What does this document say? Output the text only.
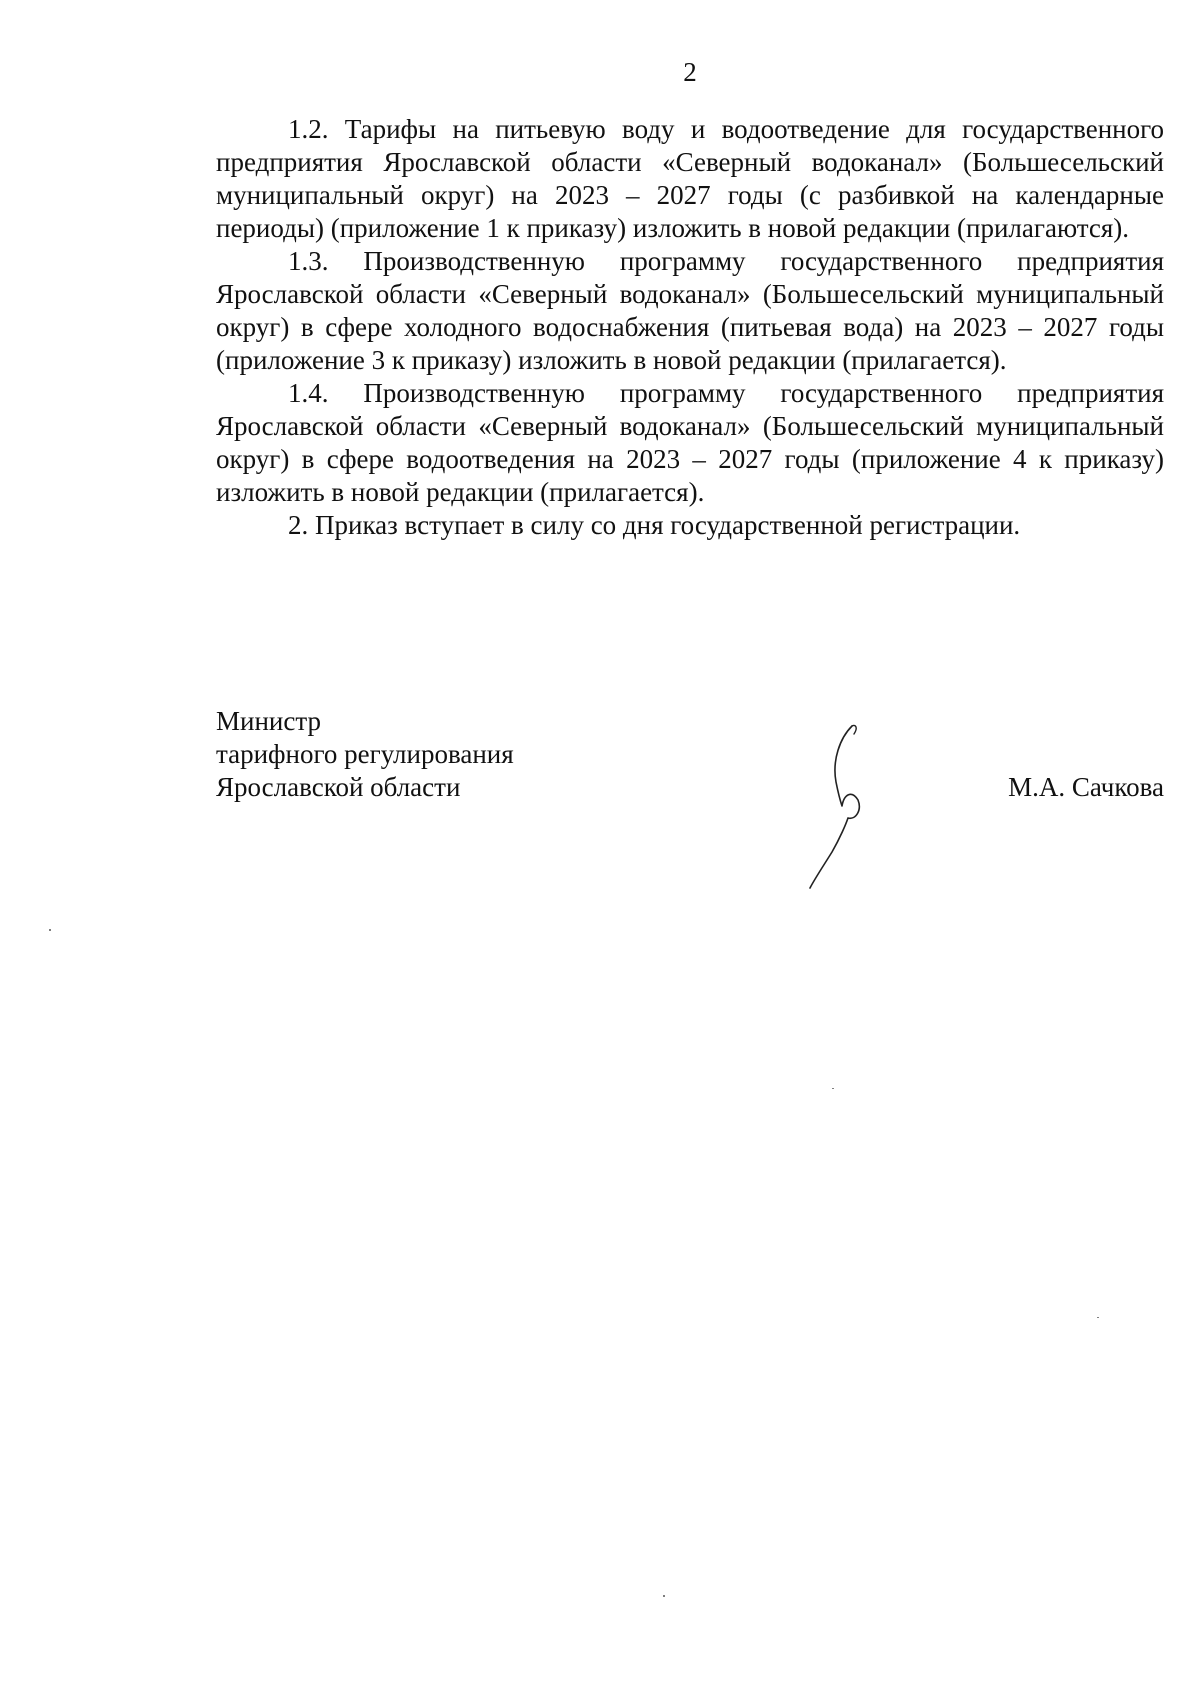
2

1.2. Тарифы на питьевую воду и водоотведение для государственного предприятия Ярославской области «Северный водоканал» (Большесельский муниципальный округ) на 2023 – 2027 годы (с разбивкой на календарные периоды) (приложение 1 к приказу) изложить в новой редакции (прилагаются).

1.3. Производственную программу государственного предприятия Ярославской области «Северный водоканал» (Большесельский муниципальный округ) в сфере холодного водоснабжения (питьевая вода) на 2023 – 2027 годы (приложение 3 к приказу) изложить в новой редакции (прилагается).

1.4. Производственную программу государственного предприятия Ярославской области «Северный водоканал» (Большесельский муниципальный округ) в сфере водоотведения на 2023 – 2027 годы (приложение 4 к приказу) изложить в новой редакции (прилагается).

2. Приказ вступает в силу со дня государственной регистрации.

Министр
тарифного регулирования
Ярославской области	М.А. Сачкова
